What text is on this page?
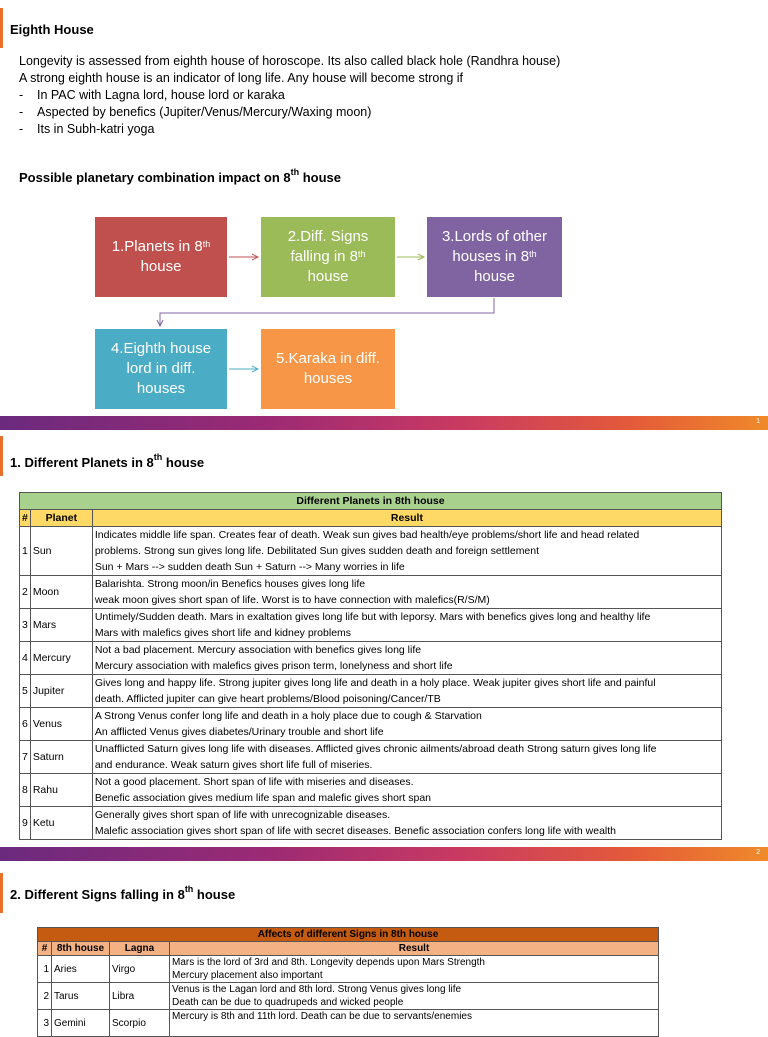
Eighth House
Longevity is assessed from eighth house of horoscope. Its also called black hole (Randhra house)
A strong eighth house is an indicator of long life. Any house will become strong if
- In PAC with Lagna lord, house lord or karaka
- Aspected by benefics (Jupiter/Venus/Mercury/Waxing moon)
- Its in Subh-katri yoga
Possible planetary combination impact on 8th house
1.Planets in 8th house
2.Diff. Signs falling in 8th house
3.Lords of other houses in 8th house
4.Eighth house lord in diff. houses
5.Karaka in diff. houses
1
1. Different Planets in 8th house
Different Planets in 8th house		
#	Planet	Result
1	Sun	Indicates middle life span. Creates fear of death. Weak sun gives bad health/eye problems/short life and head related
problems. Strong sun gives long life. Debilitated Sun gives sudden death and foreign settlement
Sun + Mars --> sudden death Sun + Saturn --> Many worries in life

2	Moon	Balarishta. Strong moon/in Benefics houses gives long life
weak moon gives short span of life. Worst is to have connection with malefics(R/S/M)

3	Mars	Untimely/Sudden death. Mars in exaltation gives long life but with leporsy. Mars with benefics gives long and healthy life
Mars with malefics gives short life and kidney problems

4	Mercury	Not a bad placement. Mercury association with benefics gives long life
Mercury association with malefics gives prison term, lonelyness and short life

5	Jupiter	Gives long and happy life. Strong jupiter gives long life and death in a holy place. Weak jupiter gives short life and painful
death. Afflicted jupiter can give heart problems/Blood poisoning/Cancer/TB

6	Venus	A Strong Venus confer long life and death in a holy place due to cough & Starvation
An afflicted Venus gives diabetes/Urinary trouble and short life

7	Saturn	Unafflicted Saturn gives long life with diseases. Afflicted gives chronic ailments/abroad death Strong saturn gives long life
and endurance. Weak saturn gives short life full of miseries.

8	Rahu	Not a good placement. Short span of life with miseries and diseases.
Benefic association gives medium life span and malefic gives short span

9	Ketu	Generally gives short span of life with unrecognizable diseases.
Malefic association gives short span of life with secret diseases. Benefic association confers long life with wealth
2
2. Different Signs falling in 8th house
Affects of different Signs in 8th house			
#	8th house	Lagna	Result
1	Aries	Virgo	Mars is the lord of 3rd and 8th. Longevity depends upon Mars Strength
Mercury placement also important

2	Tarus	Libra	Venus is the Lagan lord and 8th lord. Strong Venus gives long life
Death can be due to quadrupeds and wicked people

3	Gemini	Scorpio	Mercury is 8th and 11th lord. Death can be due to servants/enemies
